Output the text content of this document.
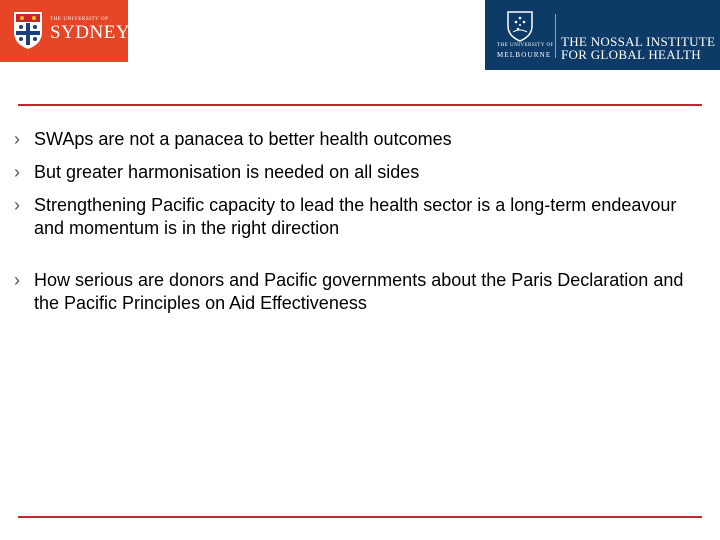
THE UNIVERSITY OF
SYDNEY
THE UNIVERSITY OF
MELBOURNE
THE NOSSAL INSTITUTE
FOR GLOBAL HEALTH
› SWAps are not a panacea to better health outcomes
› But greater harmonisation is needed on all sides
› Strengthening Pacific capacity to lead the health sector is a long-term endeavour and momentum is in the right direction
› How serious are donors and Pacific governments about the Paris Declaration and the Pacific Principles on Aid Effectiveness
